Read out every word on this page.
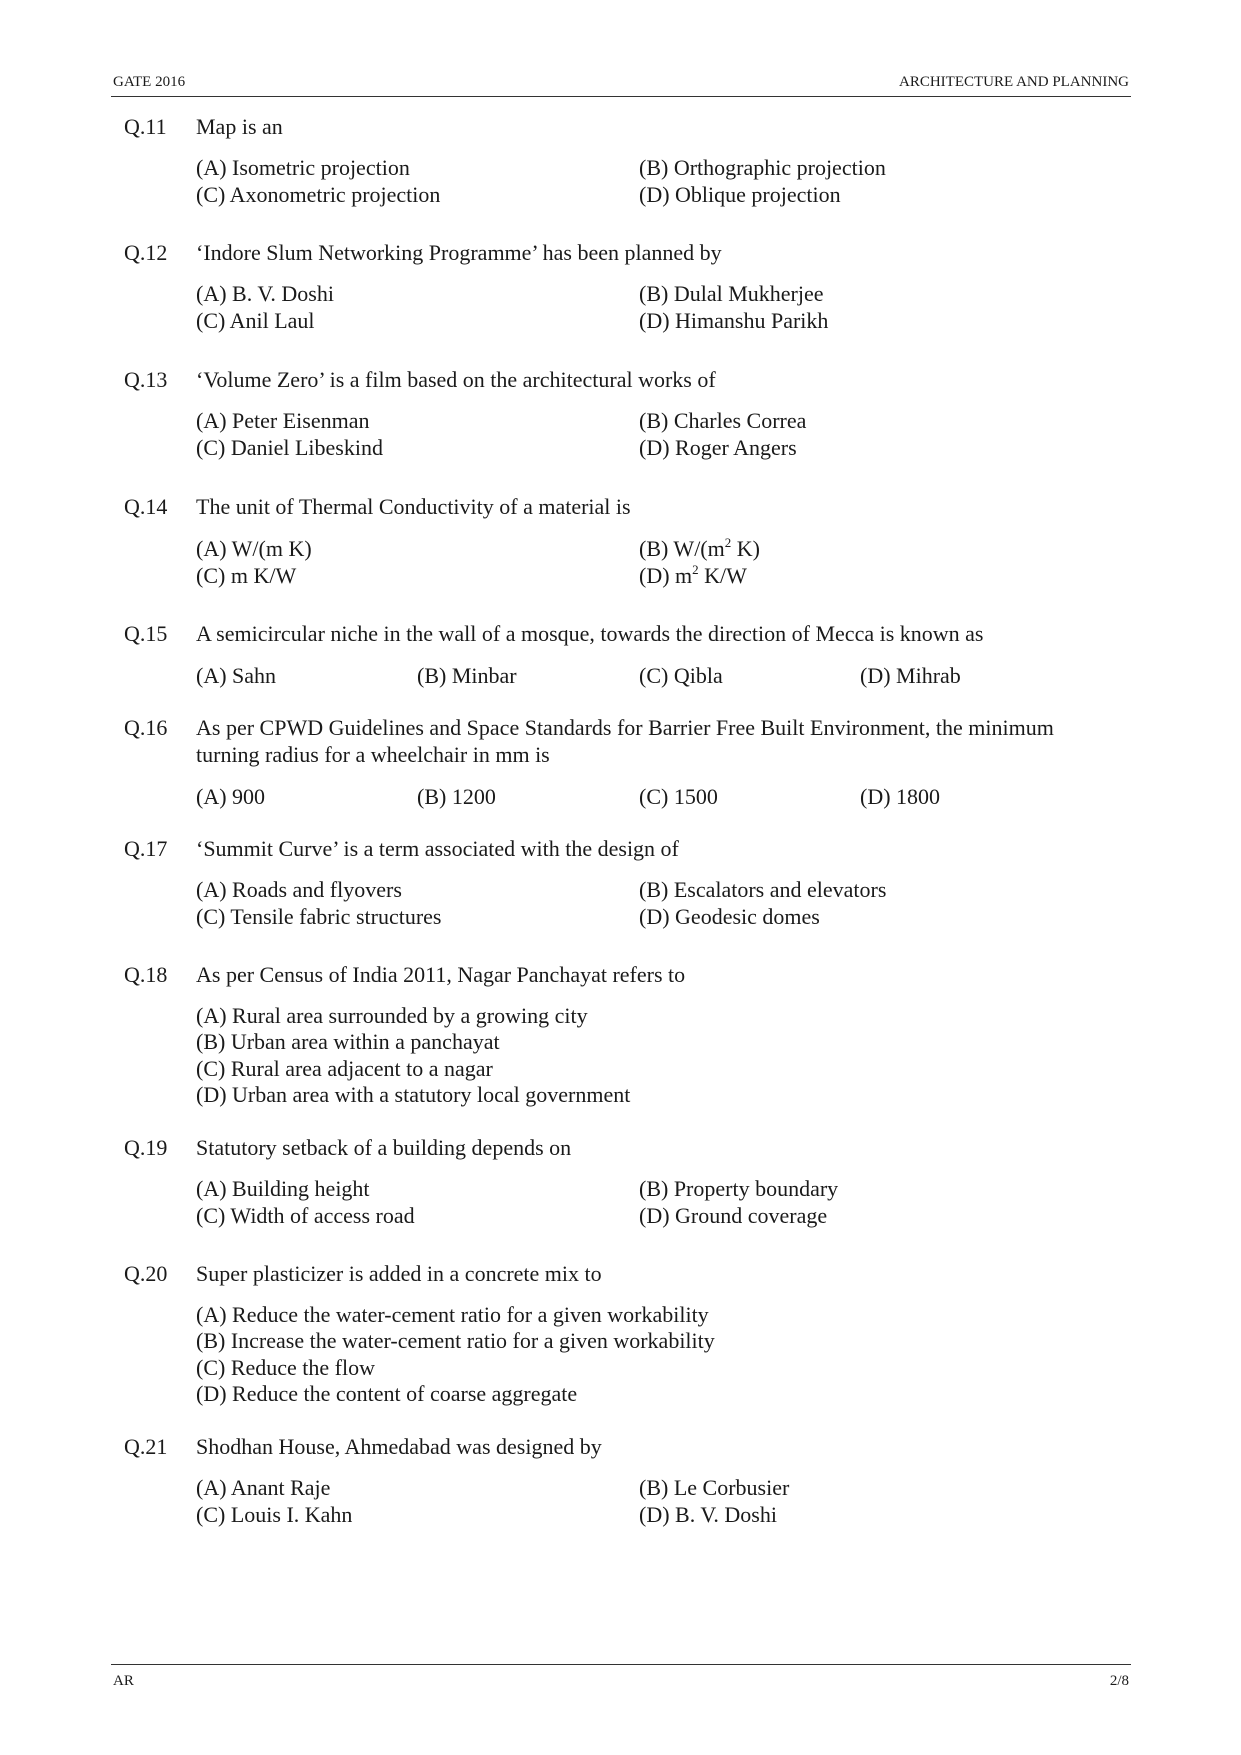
GATE 2016	ARCHITECTURE AND PLANNING
Q.11 Map is an
(A) Isometric projection	(B) Orthographic projection
(C) Axonometric projection	(D) Oblique projection
Q.12 ‘Indore Slum Networking Programme’ has been planned by
(A) B. V. Doshi	(B) Dulal Mukherjee
(C) Anil Laul	(D) Himanshu Parikh
Q.13 ‘Volume Zero’ is a film based on the architectural works of
(A) Peter Eisenman	(B) Charles Correa
(C) Daniel Libeskind	(D) Roger Angers
Q.14 The unit of Thermal Conductivity of a material is
(A) W/(m K)	(B) $W/(m^2$ K)
(C) m K/W	(D) $m^2$ K/W
Q.15 A semicircular niche in the wall of a mosque, towards the direction of Mecca is known as
(A) Sahn	(B) Minbar	(C) Qibla	(D) Mihrab
Q.16 As per CPWD Guidelines and Space Standards for Barrier Free Built Environment, the minimum
turning radius for a wheelchair in mm is
(A) 900	(B) 1200	(C) 1500	(D) 1800
Q.17 ‘Summit Curve’ is a term associated with the design of
(A) Roads and flyovers	(B) Escalators and elevators
(C) Tensile fabric structures	(D) Geodesic domes
Q.18 As per Census of India 2011, Nagar Panchayat refers to
(A) Rural area surrounded by a growing city
(B) Urban area within a panchayat
(C) Rural area adjacent to a nagar
(D) Urban area with a statutory local government
Q.19 Statutory setback of a building depends on
(A) Building height	(B) Property boundary
(C) Width of access road	(D) Ground coverage
Q.20 Super plasticizer is added in a concrete mix to
(A) Reduce the water-cement ratio for a given workability
(B) Increase the water-cement ratio for a given workability
(C) Reduce the flow
(D) Reduce the content of coarse aggregate
Q.21 Shodhan House, Ahmedabad was designed by
(A) Anant Raje	(B) Le Corbusier
(C) Louis I. Kahn	(D) B. V. Doshi
AR	2/8
